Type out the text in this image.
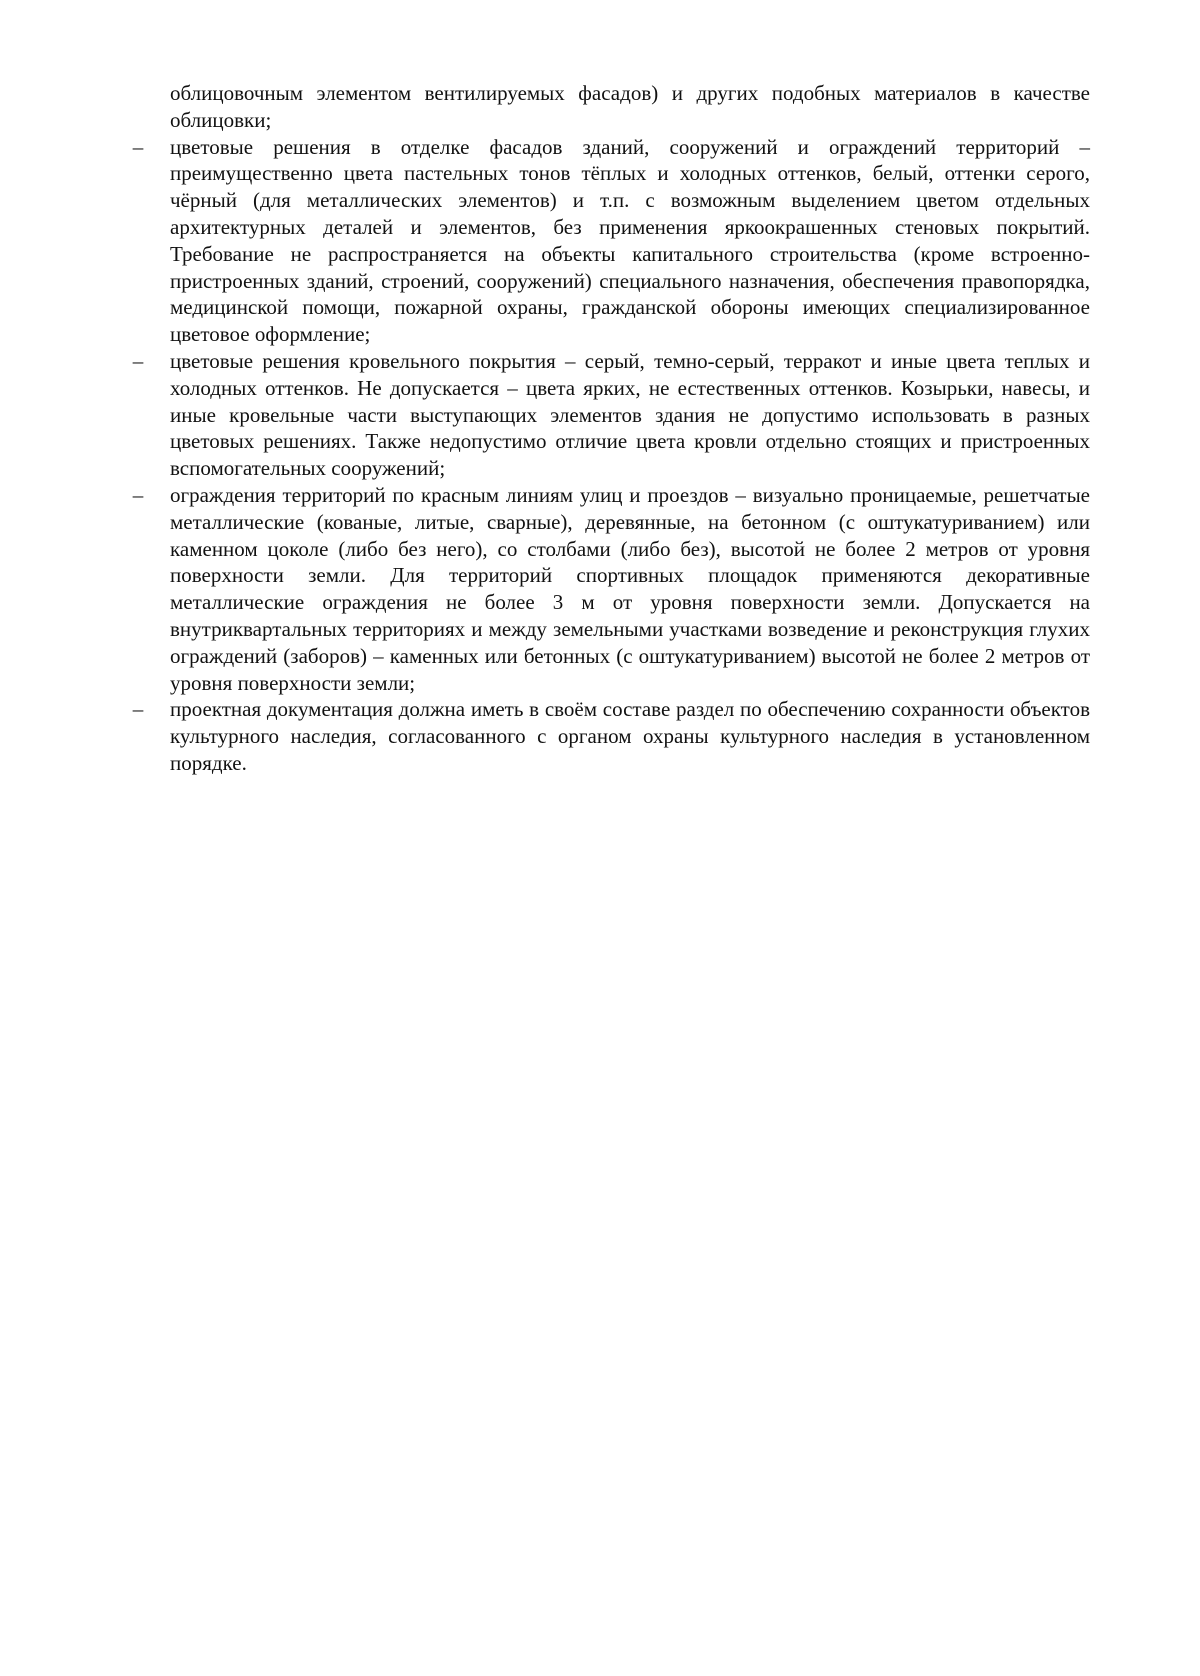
облицовочным элементом вентилируемых фасадов) и других подобных материалов в качестве облицовки;

– цветовые решения в отделке фасадов зданий, сооружений и ограждений территорий – преимущественно цвета пастельных тонов тёплых и холодных оттенков, белый, оттенки серого, чёрный (для металлических элементов) и т.п. с возможным выделением цветом отдельных архитектурных деталей и элементов, без применения яркоокрашенных стеновых покрытий. Требование не распространяется на объекты капитального строительства (кроме встроенно-пристроенных зданий, строений, сооружений) специального назначения, обеспечения правопорядка, медицинской помощи, пожарной охраны, гражданской обороны имеющих специализированное цветовое оформление;
– цветовые решения кровельного покрытия – серый, темно-серый, терракот и иные цвета теплых и холодных оттенков. Не допускается – цвета ярких, не естественных оттенков. Козырьки, навесы, и иные кровельные части выступающих элементов здания не допустимо использовать в разных цветовых решениях. Также недопустимо отличие цвета кровли отдельно стоящих и пристроенных вспомогательных сооружений;
– ограждения территорий по красным линиям улиц и проездов – визуально проницаемые, решетчатые металлические (кованые, литые, сварные), деревянные, на бетонном (с оштукатуриванием) или каменном цоколе (либо без него), со столбами (либо без), высотой не более 2 метров от уровня поверхности земли. Для территорий спортивных площадок применяются декоративные металлические ограждения не более 3 м от уровня поверхности земли. Допускается на внутриквартальных территориях и между земельными участками возведение и реконструкция глухих ограждений (заборов) – каменных или бетонных (с оштукатуриванием) высотой не более 2 метров от уровня поверхности земли;
– проектная документация должна иметь в своём составе раздел по обеспечению сохранности объектов культурного наследия, согласованного с органом охраны культурного наследия в установленном порядке.
